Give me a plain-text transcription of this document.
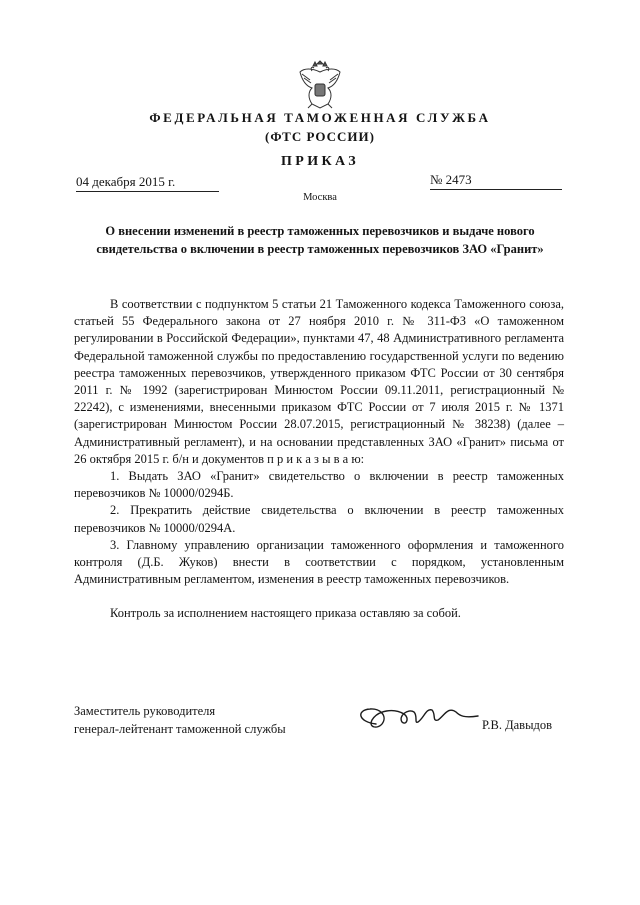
ФЕДЕРАЛЬНАЯ ТАМОЖЕННАЯ СЛУЖБА
(ФТС РОССИИ)
ПРИКАЗ
04 декабря 2015 г.	№ 2473
Москва
О внесении изменений в реестр таможенных перевозчиков и выдаче нового свидетельства о включении в реестр таможенных перевозчиков ЗАО «Гранит»

В соответствии с подпунктом 5 статьи 21 Таможенного кодекса Таможенного союза, статьей 55 Федерального закона от 27 ноября 2010 г. № 311-ФЗ «О таможенном регулировании в Российской Федерации», пунктами 47, 48 Административного регламента Федеральной таможенной службы по предоставлению государственной услуги по ведению реестра таможенных перевозчиков, утвержденного приказом ФТС России от 30 сентября 2011 г. № 1992 (зарегистрирован Минюстом России 09.11.2011, регистрационный № 22242), с изменениями, внесенными приказом ФТС России от 7 июля 2015 г. № 1371 (зарегистрирован Минюстом России 28.07.2015, регистрационный № 38238) (далее – Административный регламент), и на основании представленных ЗАО «Гранит» письма от 26 октября 2015 г. б/н и документов п р и к а з ы в а ю:

1. Выдать ЗАО «Гранит» свидетельство о включении в реестр таможенных перевозчиков № 10000/0294Б.

2. Прекратить действие свидетельства о включении в реестр таможенных перевозчиков № 10000/0294А.

3. Главному управлению организации таможенного оформления и таможенного контроля (Д.Б. Жуков) внести в соответствии с порядком, установленным Административным регламентом, изменения в реестр таможенных перевозчиков.

Контроль за исполнением настоящего приказа оставляю за собой.

Заместитель руководителя
генерал-лейтенант таможенной службы	Р.В. Давыдов
